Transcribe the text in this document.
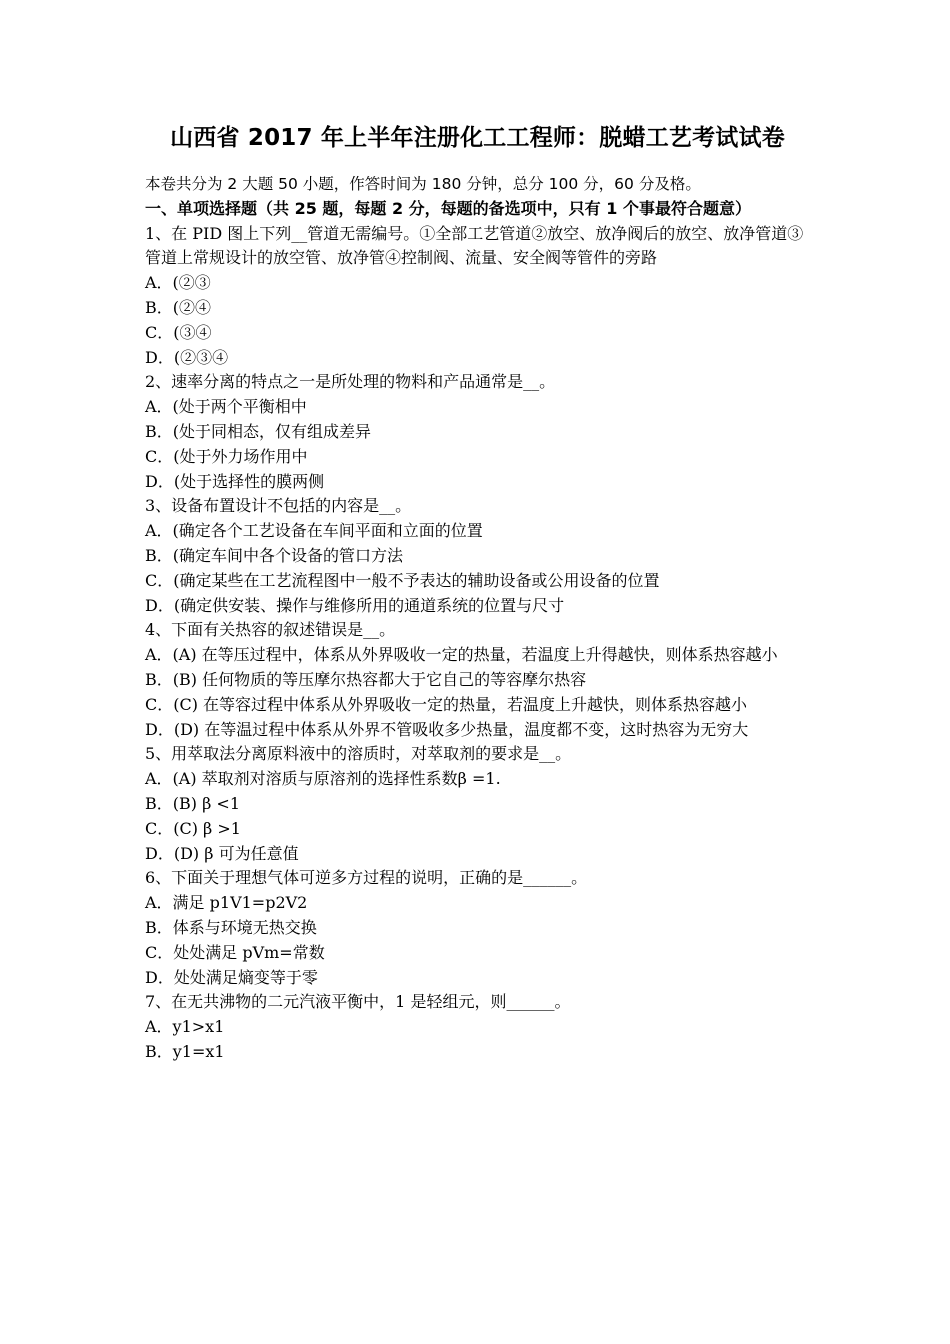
山西省 2017 年上半年注册化工工程师：脱蜡工艺考试试卷
本卷共分为 2 大题 50 小题，作答时间为 180 分钟，总分 100 分，60 分及格。
一、单项选择题（共 25 题，每题 2 分，每题的备选项中，只有 1 个事最符合题意）
1、在 PID 图上下列__管道无需编号。①全部工艺管道②放空、放净阀后的放空、放净管道③管道上常规设计的放空管、放净管④控制阀、流量、安全阀等管件的旁路
A．(②③
B．(②④
C．(③④
D．(②③④
2、速率分离的特点之一是所处理的物料和产品通常是__。
A．(处于两个平衡相中
B．(处于同相态，仅有组成差异
C．(处于外力场作用中
D．(处于选择性的膜两侧
3、设备布置设计不包括的内容是__。
A．(确定各个工艺设备在车间平面和立面的位置
B．(确定车间中各个设备的管口方法
C．(确定某些在工艺流程图中一般不予表达的辅助设备或公用设备的位置
D．(确定供安装、操作与维修所用的通道系统的位置与尺寸
4、下面有关热容的叙述错误是__。
A．(A) 在等压过程中，体系从外界吸收一定的热量，若温度上升得越快，则体系热容越小
B．(B) 任何物质的等压摩尔热容都大于它自己的等容摩尔热容
C．(C) 在等容过程中体系从外界吸收一定的热量，若温度上升越快，则体系热容越小
D．(D) 在等温过程中体系从外界不管吸收多少热量，温度都不变，这时热容为无穷大
5、用萃取法分离原料液中的溶质时，对萃取剂的要求是__。
A．(A) 萃取剂对溶质与原溶剂的选择性系数β =1.
B．(B) β <1
C．(C) β >1
D．(D) β 可为任意值
6、下面关于理想气体可逆多方过程的说明，正确的是______。
A．满足 p1V1=p2V2
B．体系与环境无热交换
C．处处满足 pVm=常数
D．处处满足熵变等于零
7、在无共沸物的二元汽液平衡中，1 是轻组元，则______。
A．y1>x1
B．y1=x1
